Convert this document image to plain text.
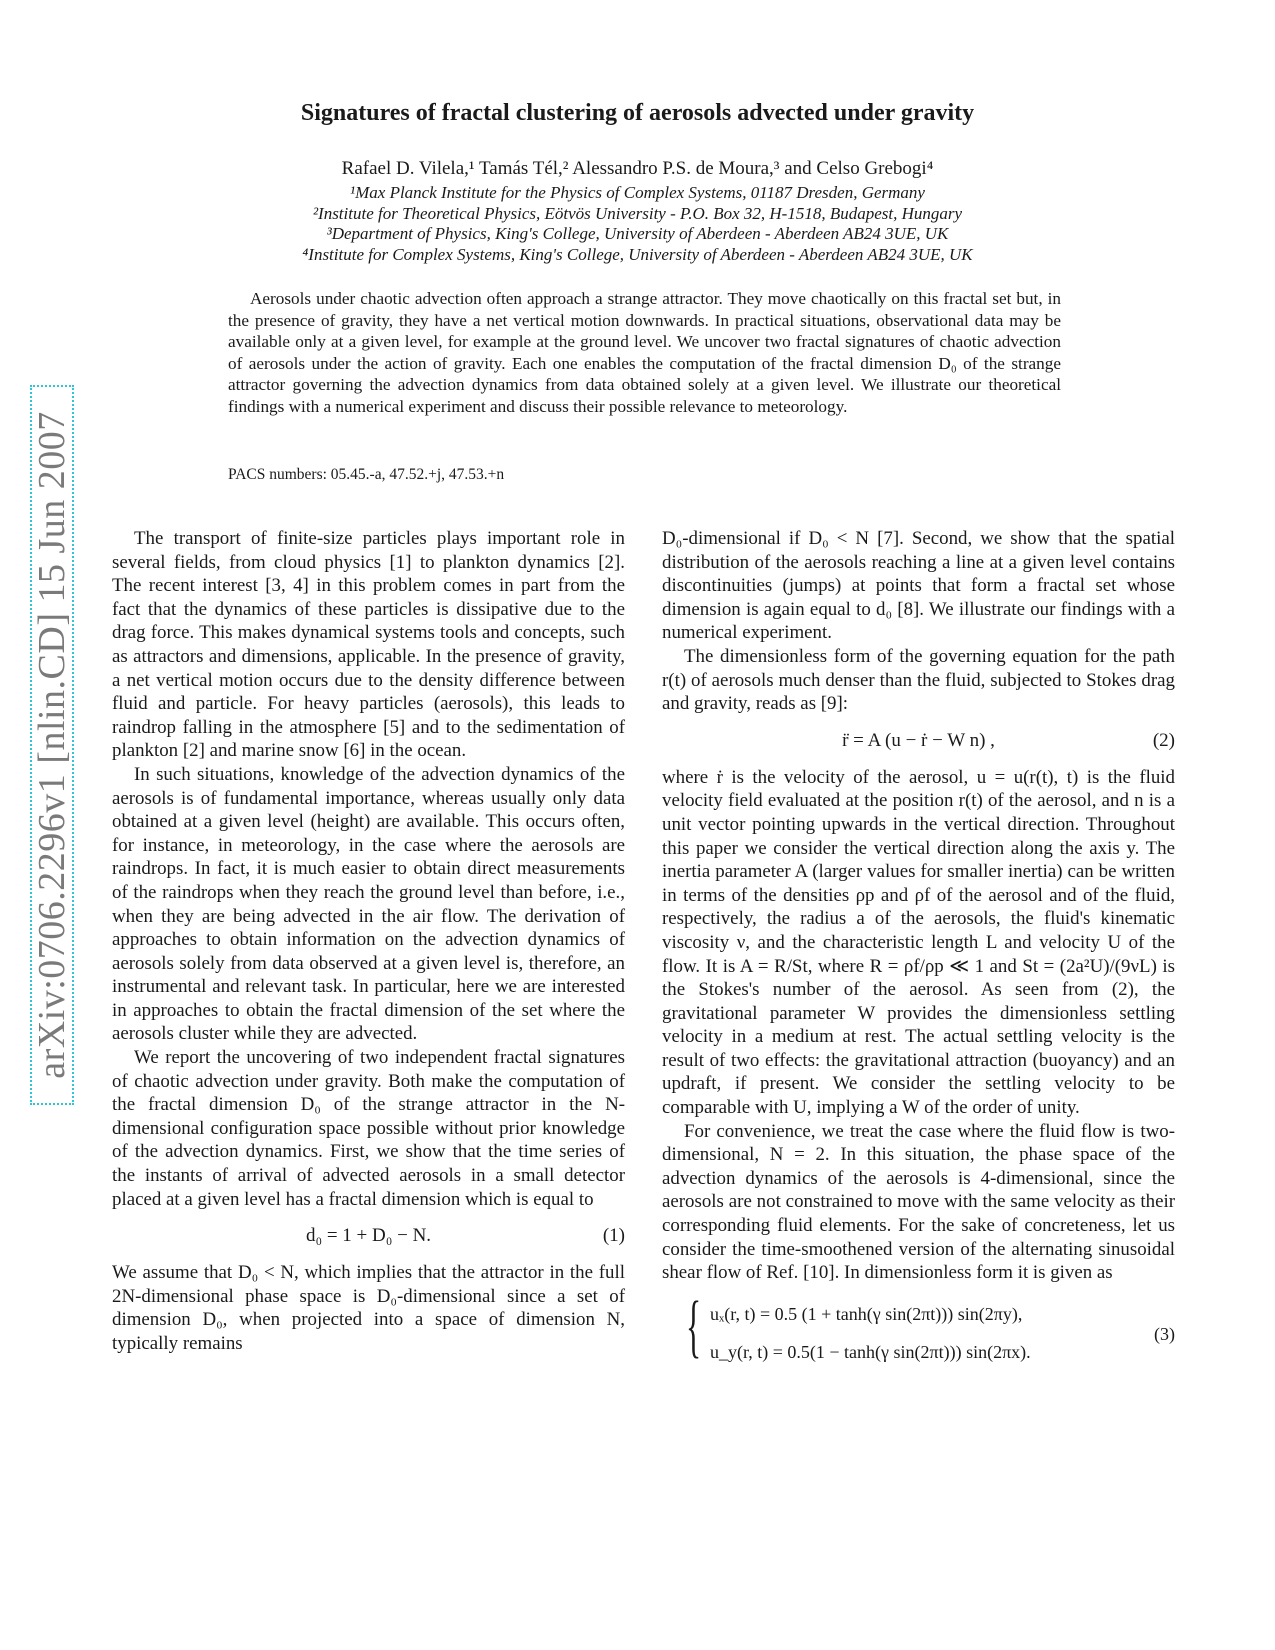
arXiv:0706.2296v1 [nlin.CD] 15 Jun 2007
Signatures of fractal clustering of aerosols advected under gravity
Rafael D. Vilela,¹ Tamás Tél,² Alessandro P.S. de Moura,³ and Celso Grebogi⁴
¹Max Planck Institute for the Physics of Complex Systems, 01187 Dresden, Germany
²Institute for Theoretical Physics, Eötvös University - P.O. Box 32, H-1518, Budapest, Hungary
³Department of Physics, King's College, University of Aberdeen - Aberdeen AB24 3UE, UK
⁴Institute for Complex Systems, King's College, University of Aberdeen - Aberdeen AB24 3UE, UK
Aerosols under chaotic advection often approach a strange attractor. They move chaotically on this fractal set but, in the presence of gravity, they have a net vertical motion downwards. In practical situations, observational data may be available only at a given level, for example at the ground level. We uncover two fractal signatures of chaotic advection of aerosols under the action of gravity. Each one enables the computation of the fractal dimension D₀ of the strange attractor governing the advection dynamics from data obtained solely at a given level. We illustrate our theoretical findings with a numerical experiment and discuss their possible relevance to meteorology.
PACS numbers: 05.45.-a, 47.52.+j, 47.53.+n

The transport of finite-size particles plays important role in several fields, from cloud physics [1] to plankton dynamics [2]. The recent interest [3, 4] in this problem comes in part from the fact that the dynamics of these particles is dissipative due to the drag force. This makes dynamical systems tools and concepts, such as attractors and dimensions, applicable. In the presence of gravity, a net vertical motion occurs due to the density difference between fluid and particle. For heavy particles (aerosols), this leads to raindrop falling in the atmosphere [5] and to the sedimentation of plankton [2] and marine snow [6] in the ocean.

In such situations, knowledge of the advection dynamics of the aerosols is of fundamental importance, whereas usually only data obtained at a given level (height) are available. This occurs often, for instance, in meteorology, in the case where the aerosols are raindrops. In fact, it is much easier to obtain direct measurements of the raindrops when they reach the ground level than before, i.e., when they are being advected in the air flow. The derivation of approaches to obtain information on the advection dynamics of aerosols solely from data observed at a given level is, therefore, an instrumental and relevant task. In particular, here we are interested in approaches to obtain the fractal dimension of the set where the aerosols cluster while they are advected.

We report the uncovering of two independent fractal signatures of chaotic advection under gravity. Both make the computation of the fractal dimension D₀ of the strange attractor in the N-dimensional configuration space possible without prior knowledge of the advection dynamics. First, we show that the time series of the instants of arrival of advected aerosols in a small detector placed at a given level has a fractal dimension which is equal to

d₀ = 1 + D₀ − N.	(1)

We assume that D₀ < N, which implies that the attractor in the full 2N-dimensional phase space is D₀-dimensional since a set of dimension D₀, when projected into a space of dimension N, typically remains

D₀-dimensional if D₀ < N [7]. Second, we show that the spatial distribution of the aerosols reaching a line at a given level contains discontinuities (jumps) at points that form a fractal set whose dimension is again equal to d₀ [8]. We illustrate our findings with a numerical experiment.

The dimensionless form of the governing equation for the path r(t) of aerosols much denser than the fluid, subjected to Stokes drag and gravity, reads as [9]:

r̈ = A (u − ṙ − W n) ,	(2)

where ṙ is the velocity of the aerosol, u = u(r(t), t) is the fluid velocity field evaluated at the position r(t) of the aerosol, and n is a unit vector pointing upwards in the vertical direction. Throughout this paper we consider the vertical direction along the axis y. The inertia parameter A (larger values for smaller inertia) can be written in terms of the densities ρp and ρf of the aerosol and of the fluid, respectively, the radius a of the aerosols, the fluid's kinematic viscosity ν, and the characteristic length L and velocity U of the flow. It is A = R/St, where R = ρf/ρp ≪ 1 and St = (2a²U)/(9νL) is the Stokes's number of the aerosol. As seen from (2), the gravitational parameter W provides the dimensionless settling velocity in a medium at rest. The actual settling velocity is the result of two effects: the gravitational attraction (buoyancy) and an updraft, if present. We consider the settling velocity to be comparable with U, implying a W of the order of unity.

For convenience, we treat the case where the fluid flow is two-dimensional, N = 2. In this situation, the phase space of the advection dynamics of the aerosols is 4-dimensional, since the aerosols are not constrained to move with the same velocity as their corresponding fluid elements. For the sake of concreteness, let us consider the time-smoothened version of the alternating sinusoidal shear flow of Ref. [10]. In dimensionless form it is given as

{ uₓ(r, t) = 0.5 (1 + tanh(γ sin(2πt))) sin(2πy),
u_y(r, t) = 0.5(1 − tanh(γ sin(2πt))) sin(2πx).
(3)
